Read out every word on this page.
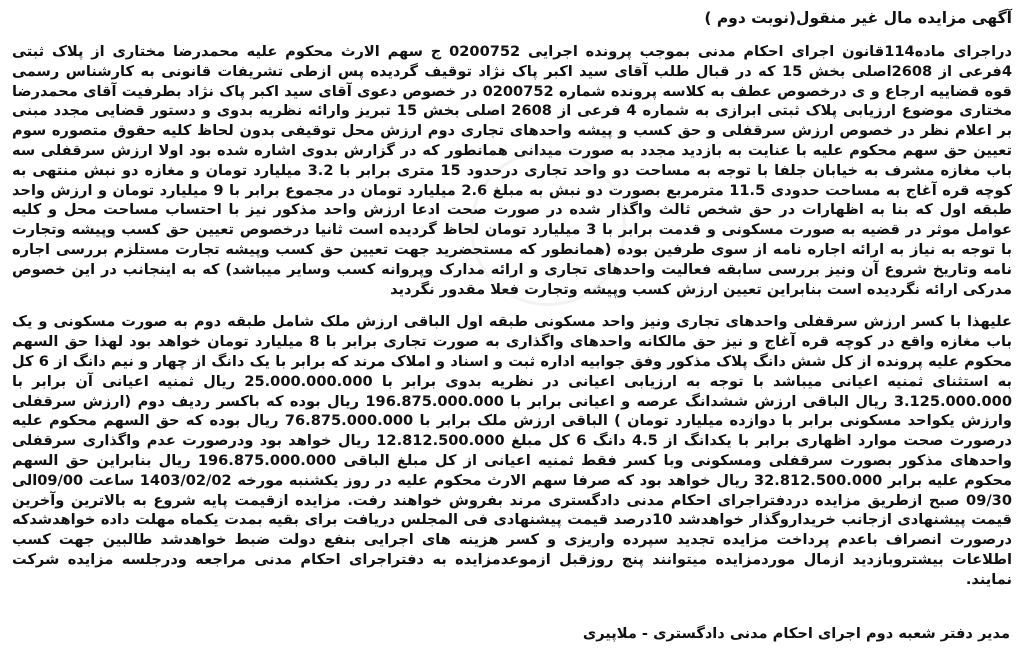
آگهی مزایده مال غیر منقول(نوبت دوم )

دراجرای ماده114قانون اجرای احکام مدنی بموجب پرونده اجرایی 0200752 ج سهم الارث محکوم علیه محمدرضا مختاری از پلاک ثبتی 4فرعی از 2608اصلی بخش 15 که در قبال طلب آقای سید اکبر پاک نژاد توقیف گردیده پس ازطی تشریفات قانونی به کارشناس رسمی قوه قضاییه ارجاع و ی درخصوص عطف به کلاسه پرونده شماره 0200752 در خصوص دعوی آقای سید اکبر پاک نژاد بطرفیت آقای محمدرضا مختاری موضوع ارزیابی پلاک ثبتی ابرازی به شماره 4 فرعی از 2608 اصلی بخش 15 تبریز وارائه نظریه بدوی و دستور قضایی مجدد مبنی بر اعلام نظر در خصوص ارزش سرقفلی و حق کسب و پیشه واحدهای تجاری دوم ارزش محل توقیفی بدون لحاظ کلیه حقوق متصوره سوم تعیین حق سهم محکوم علیه با عنایت به بازدید مجدد به صورت میدانی همانطور که در گزارش بدوی اشاره شده بود اولا ارزش سرقفلی سه باب مغازه مشرف به خیابان جلفا با توجه به مساحت دو واحد تجاری درحدود 15 متری برابر با 3.2 میلیارد تومان و مغازه دو نبش منتهی به کوچه قره آغاج به مساحت حدودی 11.5 مترمربع بصورت دو نبش به مبلغ 2.6 میلیارد تومان در مجموع برابر با 9 میلیارد تومان و ارزش واحد طبقه اول که بنا به اظهارات در حق شخص ثالث واگذار شده در صورت صحت ادعا ارزش واحد مذکور نیز با احتساب مساحت محل و کلیه عوامل موثر در قضیه به صورت مسکونی و قدمت برابر با 3 میلیارد تومان لحاظ گردیده است ثانیا درخصوص تعیین حق کسب وپیشه وتجارت با توجه به نیاز به ارائه اجاره نامه از سوی طرفین بوده (همانطور که مستحضرید جهت تعیین حق کسب وپیشه تجارت مستلزم بررسی اجاره نامه وتاریخ شروع آن ونیز بررسی سابقه فعالیت واحدهای تجاری و ارائه مدارک وپروانه کسب وسایر میباشد) که به اینجانب در این خصوص مدرکی ارائه نگردیده است بنابراین تعیین ارزش کسب وپیشه وتجارت فعلا مقدور نگردید

علیهذا با کسر ارزش سرقفلی واحدهای تجاری ونیز واحد مسکونی طبقه اول الباقی ارزش ملک شامل طبقه دوم به صورت مسکونی و یک باب مغازه واقع در کوچه قره آغاج و نیز حق مالکانه واحدهای واگذاری به صورت تجاری برابر با 8 میلیارد تومان خواهد بود لهذا حق السهم محکوم علیه پرونده از کل شش دانگ پلاک مذکور وفق جوابیه اداره ثبت و اسناد و املاک مرند که برابر با یک دانگ از چهار و نیم دانگ از 6 کل به استثنای ثمنیه اعیانی میباشد با توجه به ارزیابی اعیانی در نظریه بدوی برابر با 25.000.000.000 ریال ثمنیه اعیانی آن برابر با 3.125.000.000 ریال الباقی ارزش ششدانگ عرصه و اعیانی برابر با 196.875.000.000 ریال بوده که باکسر ردیف دوم (ارزش سرقفلی وارزش یکواحد مسکونی برابر با دوازده میلیارد تومان ) الباقی ارزش ملک برابر با 76.875.000.000 ریال بوده که حق السهم محکوم علیه درصورت صحت موارد اظهاری برابر با یکدانگ از 4.5 دانگ 6 کل مبلغ 12.812.500.000 ریال خواهد بود ودرصورت عدم واگذاری سرقفلی واحدهای مذکور بصورت سرقفلی ومسکونی وبا کسر فقط ثمنیه اعیانی از کل مبلغ الباقی 196.875.000.000 ریال بنابراین حق السهم محکوم علیه برابر 32.812.500.000 ریال خواهد بود که صرفا سهم الارث محکوم علیه در روز یکشنبه مورخه 1403/02/02 ساعت 09/00الی 09/30 صبح ازطریق مزایده دردفتراجرای احکام مدنی دادگستری مرند بفروش خواهند رفت. مزایده ازقیمت پایه شروع به بالاترین وآخرین قیمت پیشنهادی ازجانب خریداروگذار خواهدشد 10درصد قیمت پیشنهادی فی المجلس دریافت برای بقیه بمدت یکماه مهلت داده خواهدشدکه درصورت انصراف باعدم پرداخت مزایده تجدید سپرده واریزی و کسر هزینه های اجرایی بنفع دولت ضبط خواهدشد طالبین جهت کسب اطلاعات بیشتروبازدید ازمال موردمزایده میتوانند پنج روزقبل ازموعدمزایده به دفتراجرای احکام مدنی مراجعه ودرجلسه مزایده شرکت نمایند.

مدیر دفتر شعبه دوم اجرای احکام مدنی دادگستری - ملاپیری
